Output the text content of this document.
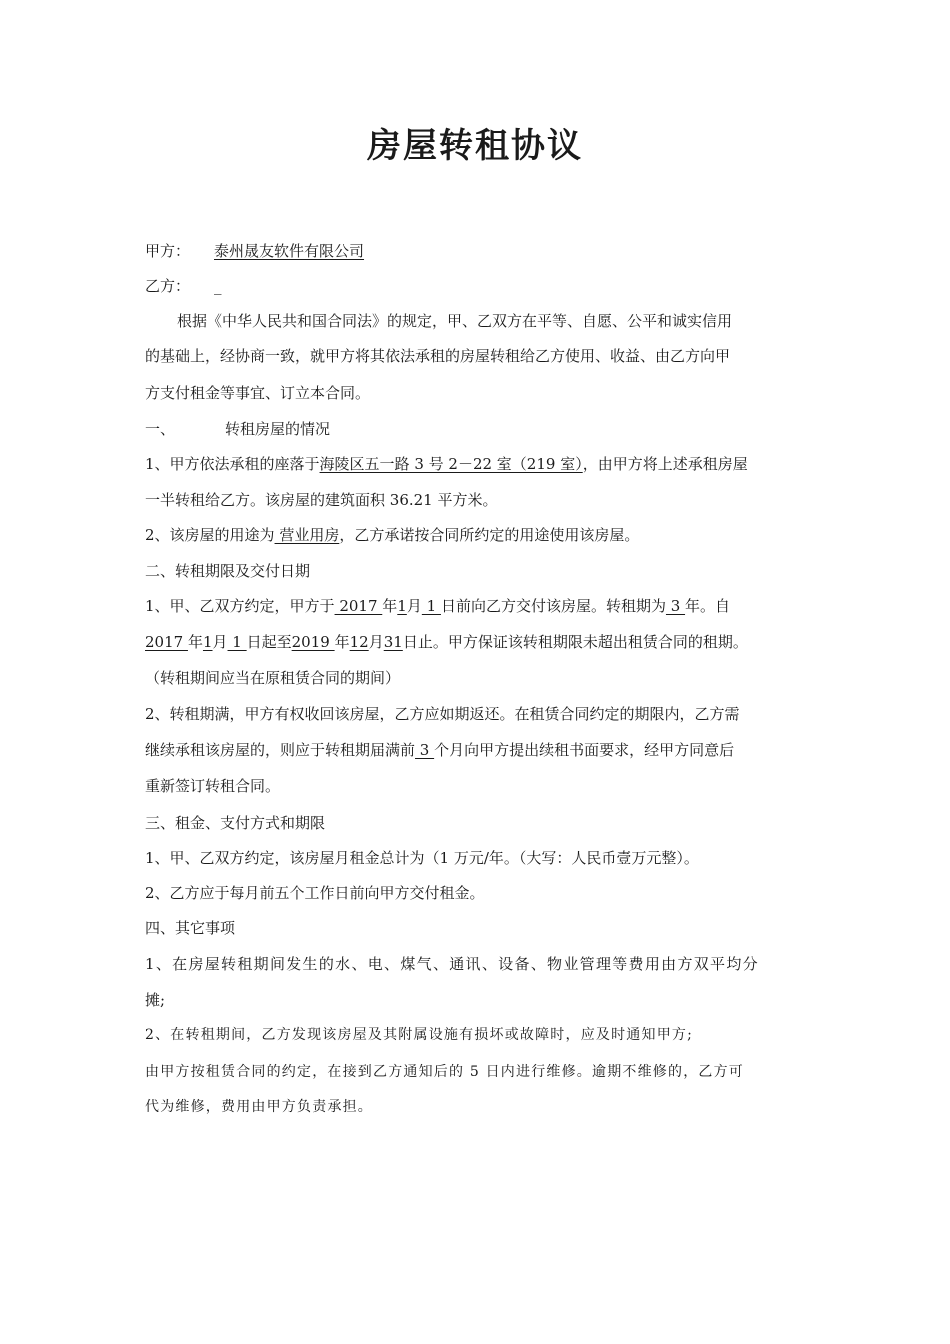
房屋转租协议
甲方： 泰州晟友软件有限公司
乙方： _
根据《中华人民共和国合同法》的规定，甲、乙双方在平等、自愿、公平和诚实信用
的基础上，经协商一致，就甲方将其依法承租的房屋转租给乙方使用、收益、由乙方向甲
方支付租金等事宜、订立本合同。
一、	转租房屋的情况
1、甲方依法承租的座落于海陵区五一路 3 号 2－22 室（219 室），由甲方将上述承租房屋
一半转租给乙方。该房屋的建筑面积 36.21 平方米。
2、该房屋的用途为 营业用房，乙方承诺按合同所约定的用途使用该房屋。
二、转租期限及交付日期
1、甲、乙双方约定，甲方于 2017 年1月 1 日前向乙方交付该房屋。转租期为 3 年。自
2017 年1月 1 日起至2019 年12月31日止。甲方保证该转租期限未超出租赁合同的租期。
（转租期间应当在原租赁合同的期间）
2、转租期满，甲方有权收回该房屋，乙方应如期返还。在租赁合同约定的期限内，乙方需
继续承租该房屋的，则应于转租期届满前 3 个月向甲方提出续租书面要求，经甲方同意后
重新签订转租合同。
三、租金、支付方式和期限
1、甲、乙双方约定，该房屋月租金总计为（1 万元/年。（大写：人民币壹万元整）。
2、乙方应于每月前五个工作日前向甲方交付租金。
四、其它事项
1、在房屋转租期间发生的水、电、煤气、通讯、设备、物业管理等费用由方双平均分
摊;
2、在转租期间，乙方发现该房屋及其附属设施有损坏或故障时，应及时通知甲方;
由甲方按租赁合同的约定，在接到乙方通知后的 5 日内进行维修。逾期不维修的，乙方可
代为维修，费用由甲方负责承担。
